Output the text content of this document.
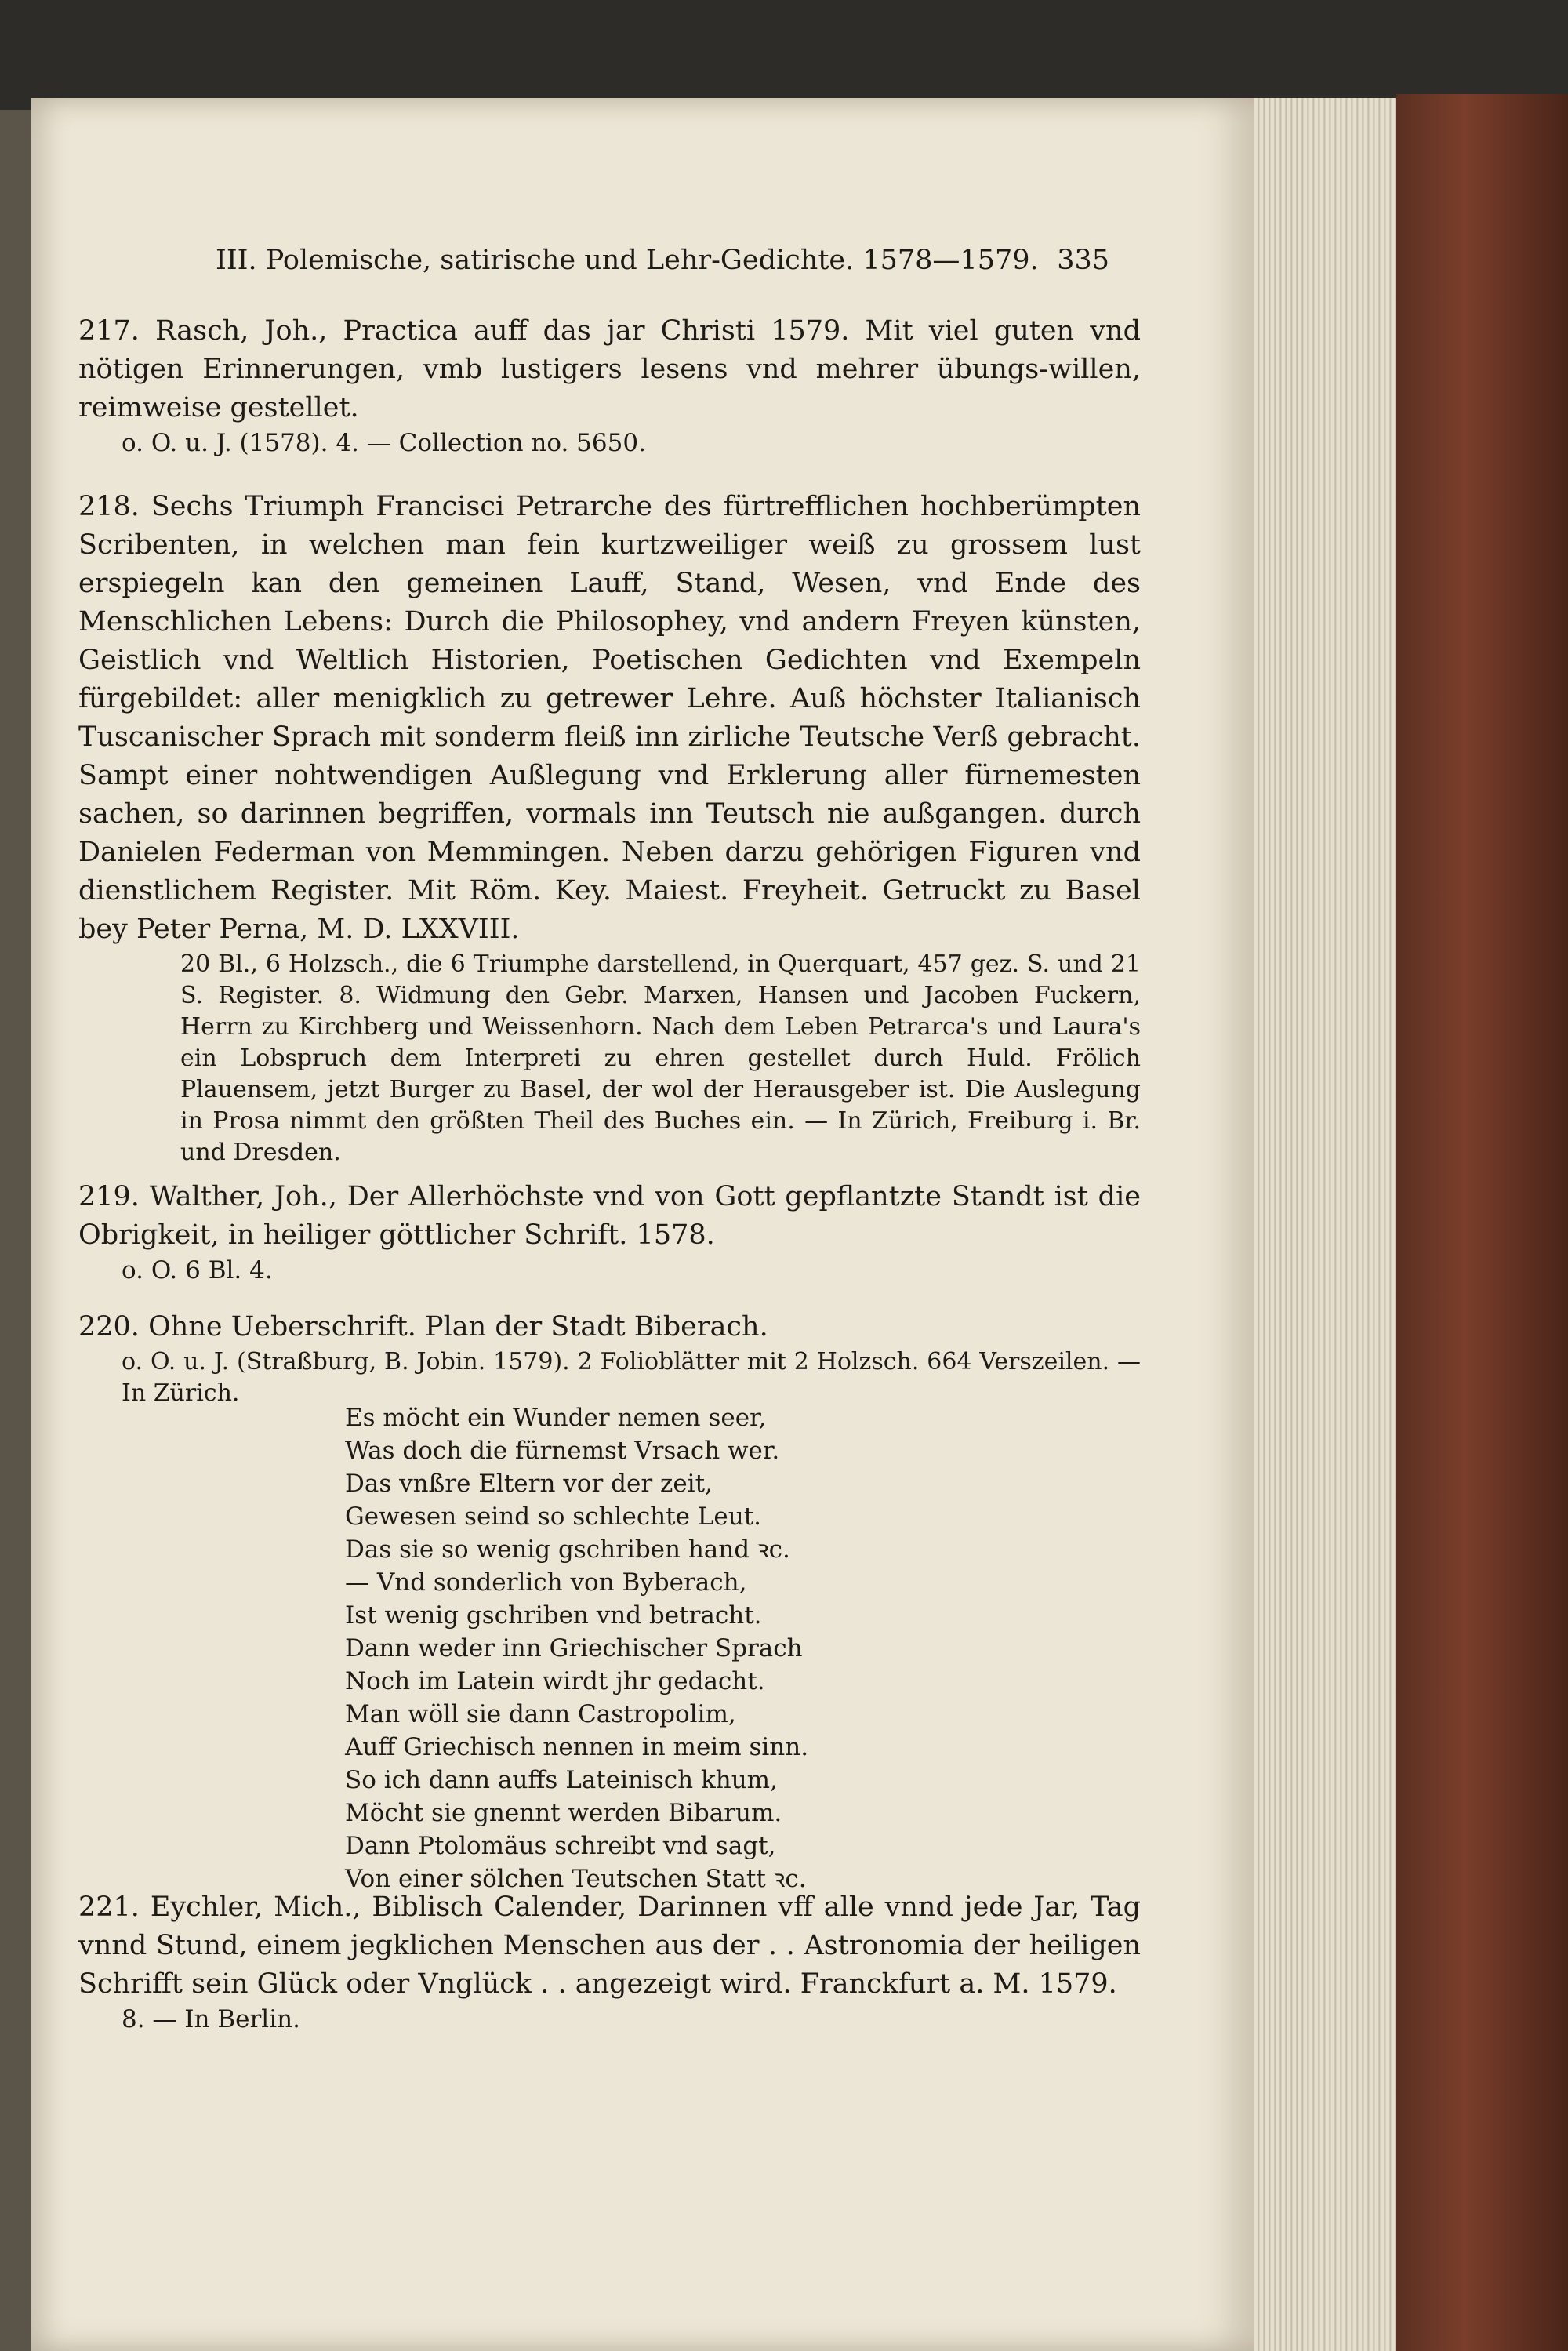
III. Polemische, satirische und Lehr-Gedichte. 1578—1579. 335

217. Rasch, Joh., Practica auff das jar Christi 1579. Mit viel guten vnd nötigen Erinnerungen, vmb lustigers lesens vnd mehrer übungs-willen, reimweise gestellet.

o. O. u. J. (1578). 4. — Collection no. 5650.

218. Sechs Triumph Francisci Petrarche des fürtrefflichen hochberümpten Scribenten, in welchen man fein kurtzweiliger weiß zu grossem lust erspiegeln kan den gemeinen Lauff, Stand, Wesen, vnd Ende des Menschlichen Lebens: Durch die Philosophey, vnd andern Freyen künsten, Geistlich vnd Weltlich Historien, Poetischen Gedichten vnd Exempeln fürgebildet: aller menigklich zu getrewer Lehre. Auß höchster Italianisch Tuscanischer Sprach mit sonderm fleiß inn zirliche Teutsche Verß gebracht. Sampt einer nohtwendigen Außlegung vnd Erklerung aller fürnemesten sachen, so darinnen begriffen, vormals inn Teutsch nie außgangen. durch Danielen Federman von Memmingen. Neben darzu gehörigen Figuren vnd dienstlichem Register. Mit Röm. Key. Maiest. Freyheit. Getruckt zu Basel bey Peter Perna, M. D. LXXVIII.

20 Bl., 6 Holzsch., die 6 Triumphe darstellend, in Querquart, 457 gez. S. und 21 S. Register. 8. Widmung den Gebr. Marxen, Hansen und Jacoben Fuckern, Herrn zu Kirchberg und Weissenhorn. Nach dem Leben Petrarca's und Laura's ein Lobspruch dem Interpreti zu ehren gestellet durch Huld. Frölich Plauensem, jetzt Burger zu Basel, der wol der Herausgeber ist. Die Auslegung in Prosa nimmt den größten Theil des Buches ein. — In Zürich, Freiburg i. Br. und Dresden.

219. Walther, Joh., Der Allerhöchste vnd von Gott gepflantzte Standt ist die Obrigkeit, in heiliger göttlicher Schrift. 1578.

o. O. 6 Bl. 4.

220. Ohne Ueberschrift. Plan der Stadt Biberach.

o. O. u. J. (Straßburg, B. Jobin. 1579). 2 Folioblätter mit 2 Holzsch. 664 Verszeilen. — In Zürich.

Es möcht ein Wunder nemen seer,
Was doch die fürnemst Vrsach wer.
Das vnßre Eltern vor der zeit,
Gewesen seind so schlechte Leut.
Das sie so wenig gschriben hand ꝛc.
— Vnd sonderlich von Byberach,
Ist wenig gschriben vnd betracht.
Dann weder inn Griechischer Sprach
Noch im Latein wirdt jhr gedacht.
Man wöll sie dann Castropolim,
Auff Griechisch nennen in meim sinn.
So ich dann auffs Lateinisch khum,
Möcht sie gnennt werden Bibarum.
Dann Ptolomäus schreibt vnd sagt,
Von einer sölchen Teutschen Statt ꝛc.

221. Eychler, Mich., Biblisch Calender, Darinnen vff alle vnnd jede Jar, Tag vnnd Stund, einem jegklichen Menschen aus der . . Astronomia der heiligen Schrifft sein Glück oder Vnglück . . angezeigt wird. Franckfurt a. M. 1579.

8. — In Berlin.
